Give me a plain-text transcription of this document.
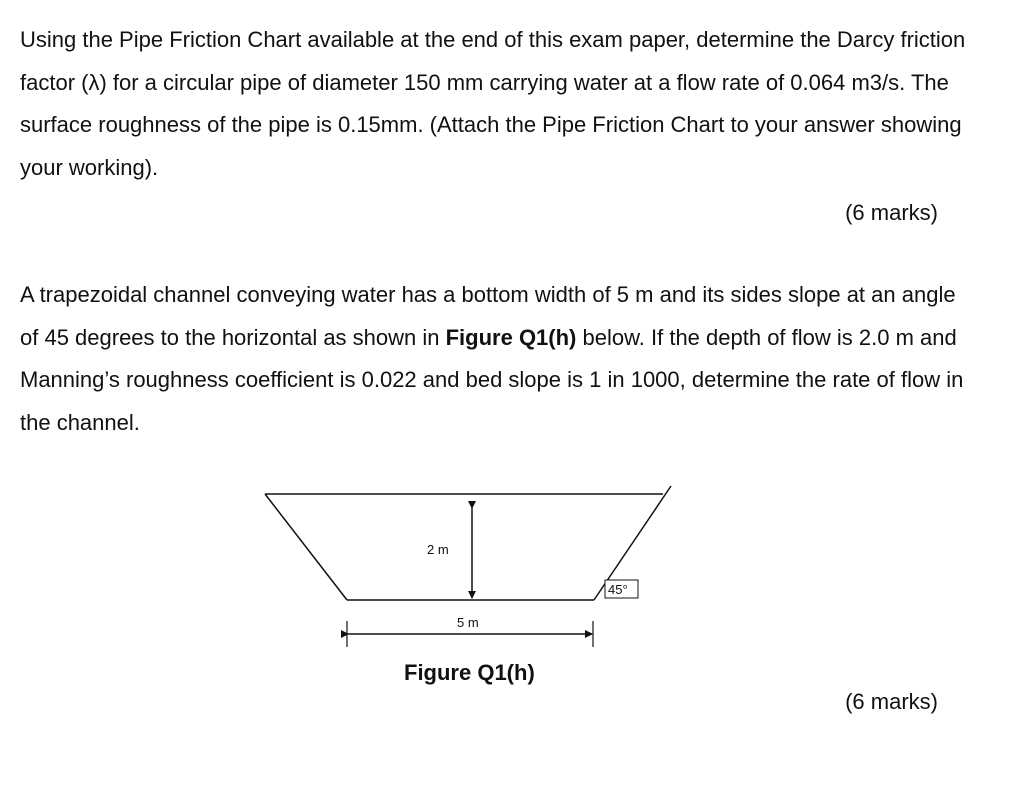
Using the Pipe Friction Chart available at the end of this exam paper, determine the Darcy friction factor (λ) for a circular pipe of diameter 150 mm carrying water at a flow rate of 0.064 m3/s. The surface roughness of the pipe is 0.15mm. (Attach the Pipe Friction Chart to your answer showing your working).

(6 marks)

A trapezoidal channel conveying water has a bottom width of 5 m and its sides slope at an angle of 45 degrees to the horizontal as shown in Figure Q1(h) below. If the depth of flow is 2.0 m and Manning’s roughness coefficient is 0.022 and bed slope is 1 in 1000, determine the rate of flow in the channel.

2 m
5 m
45°

Figure Q1(h)

(6 marks)
